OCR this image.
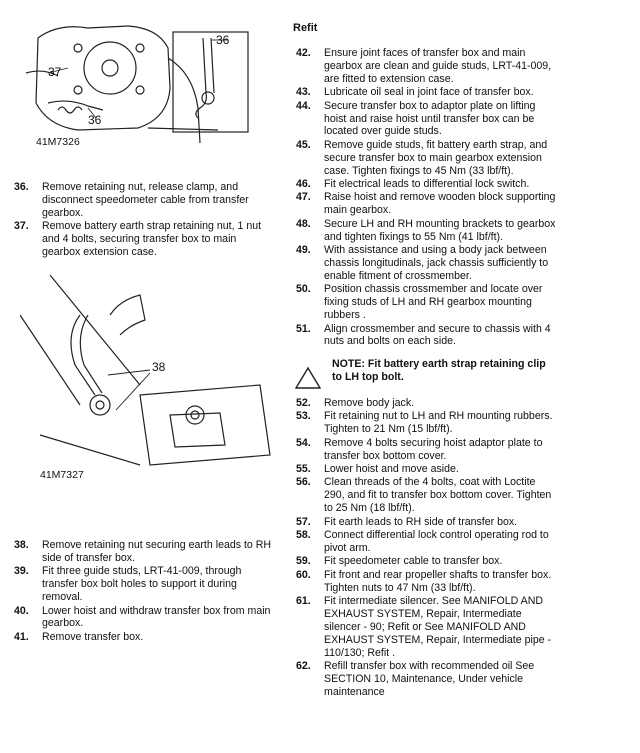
36
37
36
41M7326
36. Remove retaining nut, release clamp, and disconnect speedometer cable from transfer gearbox.
37. Remove battery earth strap retaining nut, 1 nut and 4 bolts, securing transfer box to main gearbox extension case.
38
41M7327
38. Remove retaining nut securing earth leads to RH side of transfer box.
39. Fit three guide studs, LRT-41-009, through transfer box bolt holes to support it during removal.
40. Lower hoist and withdraw transfer box from main gearbox.
41. Remove transfer box.
Refit
42. Ensure joint faces of transfer box and main gearbox are clean and guide studs, LRT-41-009, are fitted to extension case.
43. Lubricate oil seal in joint face of transfer box.
44. Secure transfer box to adaptor plate on lifting hoist and raise hoist until transfer box can be located over guide studs.
45. Remove guide studs, fit battery earth strap, and secure transfer box to main gearbox extension case. Tighten fixings to 45 Nm (33 lbf/ft).
46. Fit electrical leads to differential lock switch.
47. Raise hoist and remove wooden block supporting main gearbox.
48. Secure LH and RH mounting brackets to gearbox and tighten fixings to 55 Nm (41 lbf/ft).
49. With assistance and using a body jack between chassis longitudinals, jack chassis sufficiently to enable fitment of crossmember.
50. Position chassis crossmember and locate over fixing studs of LH and RH gearbox mounting rubbers .
51. Align crossmember and secure to chassis with 4 nuts and bolts on each side.
NOTE: Fit battery earth strap retaining clip to LH top bolt.
52. Remove body jack.
53. Fit retaining nut to LH and RH mounting rubbers. Tighten to 21 Nm (15 lbf/ft).
54. Remove 4 bolts securing hoist adaptor plate to transfer box bottom cover.
55. Lower hoist and move aside.
56. Clean threads of the 4 bolts, coat with Loctite 290, and fit to transfer box bottom cover. Tighten to 25 Nm (18 lbf/ft).
57. Fit earth leads to RH side of transfer box.
58. Connect differential lock control operating rod to pivot arm.
59. Fit speedometer cable to transfer box.
60. Fit front and rear propeller shafts to transfer box. Tighten nuts to 47 Nm (33 lbf/ft).
61. Fit intermediate silencer. See MANIFOLD AND EXHAUST SYSTEM, Repair, Intermediate silencer - 90; Refit or See MANIFOLD AND EXHAUST SYSTEM, Repair, Intermediate pipe - 110/130; Refit .
62. Refill transfer box with recommended oil See SECTION 10, Maintenance, Under vehicle maintenance
